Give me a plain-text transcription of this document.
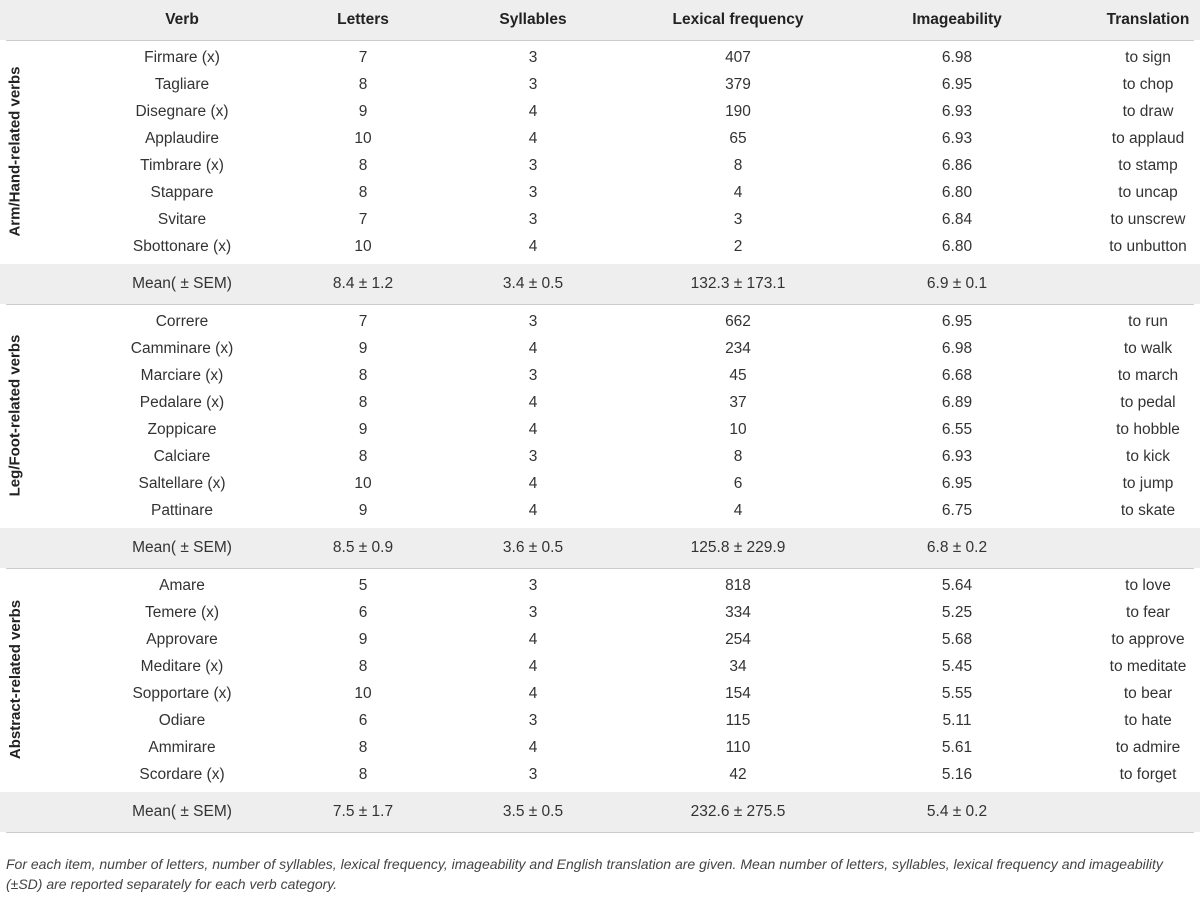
Verb	Letters	Syllables	Lexical frequency	Imageability	Translation
Firmare (x)	7	3	407	6.98	to sign
Tagliare	8	3	379	6.95	to chop
Disegnare (x)	9	4	190	6.93	to draw
Applaudire	10	4	65	6.93	to applaud
Timbrare (x)	8	3	8	6.86	to stamp
Stappare	8	3	4	6.80	to uncap
Svitare	7	3	3	6.84	to unscrew
Sbottonare (x)	10	4	2	6.80	to unbutton
Mean( ± SEM)	8.4 ± 1.2	3.4 ± 0.5	132.3 ± 173.1	6.9 ± 0.1
Arm/Hand-related verbs
Correre	7	3	662	6.95	to run
Camminare (x)	9	4	234	6.98	to walk
Marciare (x)	8	3	45	6.68	to march
Pedalare (x)	8	4	37	6.89	to pedal
Zoppicare	9	4	10	6.55	to hobble
Calciare	8	3	8	6.93	to kick
Saltellare (x)	10	4	6	6.95	to jump
Pattinare	9	4	4	6.75	to skate
Mean( ± SEM)	8.5 ± 0.9	3.6 ± 0.5	125.8 ± 229.9	6.8 ± 0.2
Leg/Foot-related verbs
Amare	5	3	818	5.64	to love
Temere (x)	6	3	334	5.25	to fear
Approvare	9	4	254	5.68	to approve
Meditare (x)	8	4	34	5.45	to meditate
Sopportare (x)	10	4	154	5.55	to bear
Odiare	6	3	115	5.11	to hate
Ammirare	8	4	110	5.61	to admire
Scordare (x)	8	3	42	5.16	to forget
Mean( ± SEM)	7.5 ± 1.7	3.5 ± 0.5	232.6 ± 275.5	5.4 ± 0.2
Abstract-related verbs
For each item, number of letters, number of syllables, lexical frequency, imageability and English translation are given. Mean number of letters, syllables, lexical frequency and imageability (±SD) are reported separately for each verb category.
